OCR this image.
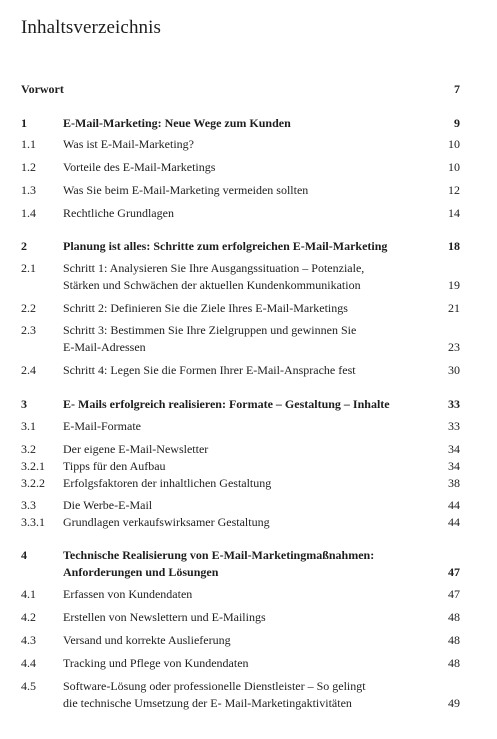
Inhaltsverzeichnis
Vorwort	7
1	E-Mail-Marketing: Neue Wege zum Kunden	9
1.1 Was ist E-Mail-Marketing?	10
1.2 Vorteile des E-Mail-Marketings	10
1.3 Was Sie beim E-Mail-Marketing vermeiden sollten	12
1.4 Rechtliche Grundlagen	14
2	Planung ist alles: Schritte zum erfolgreichen E-Mail-Marketing	18
2.1 Schritt 1: Analysieren Sie Ihre Ausgangssituation – Potenziale,
Stärken und Schwächen der aktuellen Kundenkommunikation	19
2.2 Schritt 2: Definieren Sie die Ziele Ihres E-Mail-Marketings	21
2.3 Schritt 3: Bestimmen Sie Ihre Zielgruppen und gewinnen Sie
E-Mail-Adressen	23
2.4 Schritt 4: Legen Sie die Formen Ihrer E-Mail-Ansprache fest	30
3	E- Mails erfolgreich realisieren: Formate – Gestaltung – Inhalte	33
3.1 E-Mail-Formate	33
3.2 Der eigene E-Mail-Newsletter	34
3.2.1 Tipps für den Aufbau	34
3.2.2 Erfolgsfaktoren der inhaltlichen Gestaltung	38
3.3 Die Werbe-E-Mail	44
3.3.1 Grundlagen verkaufswirksamer Gestaltung	44
4	Technische Realisierung von E-Mail-Marketingmaßnahmen:
Anforderungen und Lösungen	47
4.1 Erfassen von Kundendaten	47
4.2 Erstellen von Newslettern und E-Mailings	48
4.3 Versand und korrekte Auslieferung	48
4.4 Tracking und Pflege von Kundendaten	48
4.5 Software-Lösung oder professionelle Dienstleister – So gelingt
die technische Umsetzung der E- Mail-Marketingaktivitäten	49
